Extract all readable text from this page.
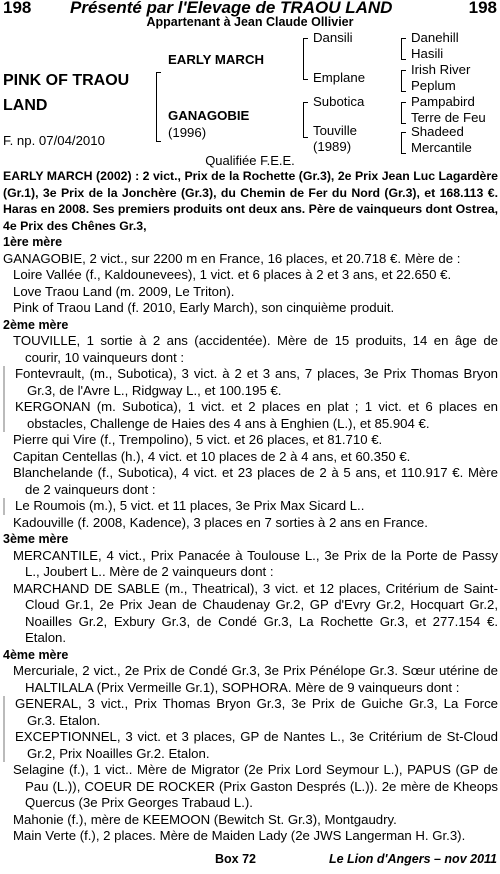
198 Présenté par l'Elevage de TRAOU LAND	198
Appartenant à Jean Claude Ollivier
PINK OF TRAOU
LAND
F. np. 07/04/2010
EARLY MARCH
GANAGOBIE
(1996)
Dansili
Emplane
Subotica
Touville
(1989)
Danehill
Hasili
Irish River
Peplum
Pampabird
Terre de Feu
Shadeed
Mercantile
Qualifiée F.E.E.

EARLY MARCH (2002) : 2 vict., Prix de la Rochette (Gr.3), 2e Prix Jean Luc Lagardère (Gr.1), 3e Prix de la Jonchère (Gr.3), du Chemin de Fer du Nord (Gr.3), et 168.113 €. Haras en 2008. Ses premiers produits ont deux ans. Père de vainqueurs dont Ostrea, 4e Prix des Chênes Gr.3,

1ère mère

GANAGOBIE, 2 vict., sur 2200 m en France, 16 places, et 20.718 €. Mère de :

Loire Vallée (f., Kaldounevees), 1 vict. et 6 places à 2 et 3 ans, et 22.650 €.

Love Traou Land (m. 2009, Le Triton).

Pink of Traou Land (f. 2010, Early March), son cinquième produit.

2ème mère

TOUVILLE, 1 sortie à 2 ans (accidentée). Mère de 15 produits, 14 en âge de courir, 10 vainqueurs dont :

Fontevrault, (m., Subotica), 3 vict. à 2 et 3 ans, 7 places, 3e Prix Thomas Bryon Gr.3, de l'Avre L., Ridgway L., et 100.195 €.

KERGONAN (m. Subotica), 1 vict. et 2 places en plat ; 1 vict. et 6 places en obstacles, Challenge de Haies des 4 ans à Enghien (L.), et 85.904 €.

Pierre qui Vire (f., Trempolino), 5 vict. et 26 places, et 81.710 €.

Capitan Centellas (h.), 4 vict. et 10 places de 2 à 4 ans, et 60.350 €.

Blanchelande (f., Subotica), 4 vict. et 23 places de 2 à 5 ans, et 110.917 €. Mère de 2 vainqueurs dont :

Le Roumois (m.), 5 vict. et 11 places, 3e Prix Max Sicard L..

Kadouville (f. 2008, Kadence), 3 places en 7 sorties à 2 ans en France.

3ème mère

MERCANTILE, 4 vict., Prix Panacée à Toulouse L., 3e Prix de la Porte de Passy L., Joubert L.. Mère de 2 vainqueurs dont :

MARCHAND DE SABLE (m., Theatrical), 3 vict. et 12 places, Critérium de Saint-Cloud Gr.1, 2e Prix Jean de Chaudenay Gr.2, GP d'Evry Gr.2, Hocquart Gr.2, Noailles Gr.2, Exbury Gr.3, de Condé Gr.3, La Rochette Gr.3, et 277.154 €. Etalon.

4ème mère

Mercuriale, 2 vict., 2e Prix de Condé Gr.3, 3e Prix Pénélope Gr.3. Sœur utérine de HALTILALA (Prix Vermeille Gr.1), SOPHORA. Mère de 9 vainqueurs dont :

GENERAL, 3 vict., Prix Thomas Bryon Gr.3, 3e Prix de Guiche Gr.3, La Force Gr.3. Etalon.

EXCEPTIONNEL, 3 vict. et 3 places, GP de Nantes L., 3e Critérium de St-Cloud Gr.2, Prix Noailles Gr.2. Etalon.

Selagine (f.), 1 vict.. Mère de Migrator (2e Prix Lord Seymour L.), PAPUS (GP de Pau (L.)), COEUR DE ROCKER (Prix Gaston Després (L.)). 2e mère de Kheops Quercus (3e Prix Georges Trabaud L.).

Mahonie (f.), mère de KEEMOON (Bewitch St. Gr.3), Montgaudry.

Main Verte (f.), 2 places. Mère de Maiden Lady (2e JWS Langerman H. Gr.3).

Box 72	Le Lion d'Angers – nov 2011
